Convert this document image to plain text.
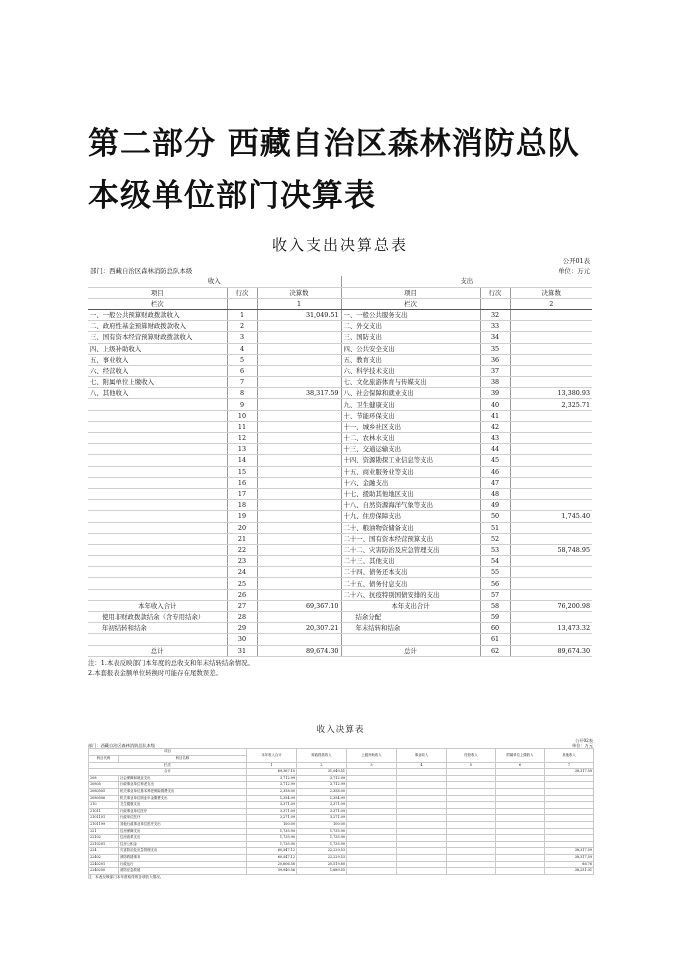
第二部分 西藏自治区森林消防总队本级单位部门决算表
收入支出决算总表
					公开01表
部门：西藏自治区森林消防总队本级				单位：万元	
收入			支出		
项目	行次	决算数	项目	行次	决算数
栏次		1	栏次		2
一、一般公共预算财政拨款收入	1	31,049.51	一、一般公共服务支出	32	
二、政府性基金预算财政拨款收入	2		二、外交支出	33	
三、国有资本经营预算财政拨款收入	3		三、国防支出	34	
四、上级补助收入	4		四、公共安全支出	35	
五、事业收入	5		五、教育支出	36	
六、经营收入	6		六、科学技术支出	37	
七、附属单位上缴收入	7		七、文化旅游体育与传媒支出	38	
八、其他收入	8	38,317.59	八、社会保障和就业支出	39	13,380.93
	9		九、卫生健康支出	40	2,325.71
	10		十、节能环保支出	41	
	11		十一、城乡社区支出	42	
	12		十二、农林水支出	43	
	13		十三、交通运输支出	44	
	14		十四、资源勘探工业信息等支出	45	
	15		十五、商业服务业等支出	46	
	16		十六、金融支出	47	
	17		十七、援助其他地区支出	48	
	18		十八、自然资源海洋气象等支出	49	
	19		十九、住房保障支出	50	1,745.40
	20		二十、粮油物资储备支出	51	
	21		二十一、国有资本经营预算支出	52	
	22		二十二、灾害防治及应急管理支出	53	58,748.95
	23		二十三、其他支出	54	
	24		二十四、债务还本支出	55	
	25		二十五、债务付息支出	56	
	26		二十六、抗疫特别国债安排的支出	57	
本年收入合计	27	69,367.10	本年支出合计	58	76,200.98
使用非财政拨款结余（含专用结余）	28		结余分配	59	
年初结转和结余	29	20,307.21	年末结转和结余	60	13,473.32
	30			61	
总计	31	89,674.30	总计	62	89,674.30
注：1.本表反映部门本年度的总收支和年末结转结余情况。
2.本套报表金额单位转换时可能存在尾数误差。
收入决算表
公开02表
部门：西藏自治区森林消防总队本级	单位：万元
项目		本年收入合计	财政拨款收入	上级补助收入	事业收入	经营收入	附属单位上缴收入	其他收入
科目代码	科目名称							
栏次		1	2	3	4	5	6	7
合计		69,367.10	31,049.51					38,317.59
208	社会保障和就业支出	3,712.99	3,712.99					
20805	行政事业单位养老支出	3,712.99	3,712.99					
2080505	机关事业单位基本养老保险缴费支出	2,358.00	2,358.00					
2080506	机关事业单位职业年金缴费支出	1,354.99	1,354.99					
210	卫生健康支出	3,371.09	3,371.09					
21011	行政事业单位医疗	3,371.09	3,371.09					
2101101	行政单位医疗	3,271.09	3,271.09					
2101199	其他行政事业单位医疗支出	100.00	100.00					
221	住房保障支出	1,735.90	1,735.90					
22102	住房改革支出	1,735.90	1,735.90					
2210201	住房公积金	1,735.90	1,735.90					
224	灾害防治及应急管理支出	60,547.12	22,229.53					38,317.59
22402	消防救援事务	60,547.12	22,229.53					38,317.59
2240201	行政运行	20,606.56	20,519.80					86.76
2240250	消防应急救援	39,940.56	1,689.55					38,251.01
注：本表反映部门本年度取得的各项收入情况。
